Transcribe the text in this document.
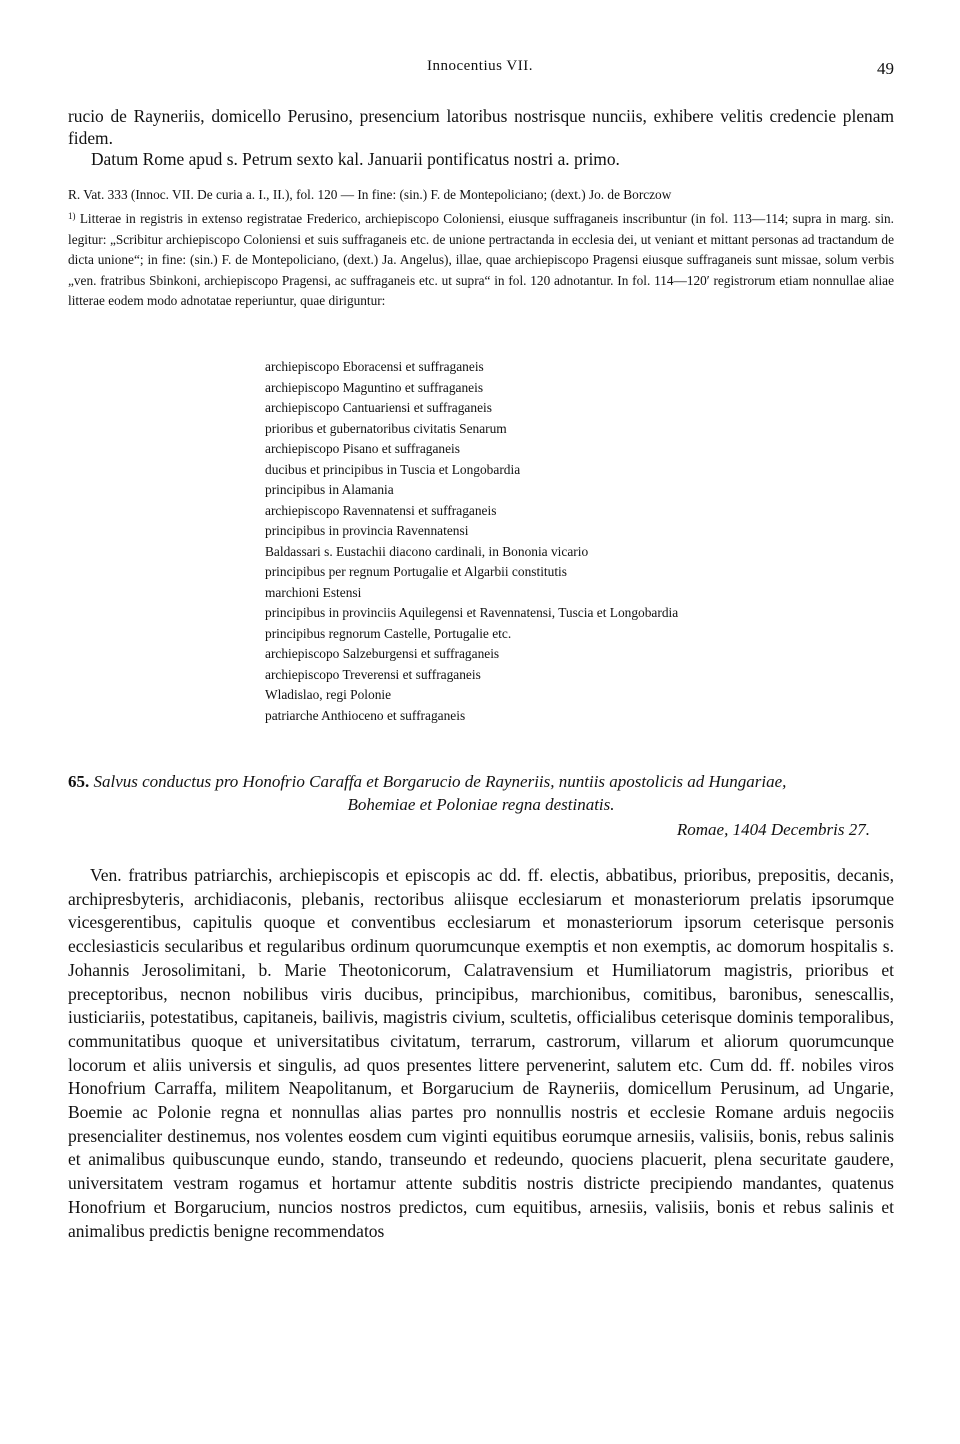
Innocentius VII.	49

rucio de Rayneriis, domicello Perusino, presencium latoribus nostrisque nunciis, exhibere velitis credencie plenam fidem.

Datum Rome apud s. Petrum sexto kal. Januarii pontificatus nostri a. primo.

R. Vat. 333 (Innoc. VII. De curia a. I., II.), fol. 120 — In fine: (sin.) F. de Montepoliciano; (dext.) Jo. de Borczow

$^{1)}$ Litterae in registris in extenso registratae Frederico, archiepiscopo Coloniensi, eiusque suffraganeis inscribuntur (in fol. 113—114; supra in marg. sin. legitur: „Scribitur archiepiscopo Coloniensi et suis suffraganeis etc. de unione pertractanda in ecclesia dei, ut veniant et mittant personas ad tractandum de dicta unione“; in fine: (sin.) F. de Montepoliciano, (dext.) Ja. Angelus), illae, quae archiepiscopo Pragensi eiusque suffraganeis sunt missae, solum verbis „ven. fratribus Sbinkoni, archiepiscopo Pragensi, ac suffraganeis etc. ut supra“ in fol. 120 adnotantur. In fol. 114—120′ registrorum etiam nonnullae aliae litterae eodem modo adnotatae reperiuntur, quae diriguntur:

archiepiscopo Eboracensi et suffraganeis
archiepiscopo Maguntino et suffraganeis
archiepiscopo Cantuariensi et suffraganeis
prioribus et gubernatoribus civitatis Senarum
archiepiscopo Pisano et suffraganeis
ducibus et principibus in Tuscia et Longobardia
principibus in Alamania
archiepiscopo Ravennatensi et suffraganeis
principibus in provincia Ravennatensi
Baldassari s. Eustachii diacono cardinali, in Bononia vicario
principibus per regnum Portugalie et Algarbii constitutis
marchioni Estensi
principibus in provinciis Aquilegensi et Ravennatensi, Tuscia et Longobardia
principibus regnorum Castelle, Portugalie etc.
archiepiscopo Salzeburgensi et suffraganeis
archiepiscopo Treverensi et suffraganeis
Wladislao, regi Polonie
patriarche Anthioceno et suffraganeis
65. Salvus conductus pro Honofrio Caraffa et Borgarucio de Rayneriis, nuntiis apostolicis ad Hungariae,
Bohemiae et Poloniae regna destinatis.
Romae, 1404 Decembris 27.

Ven. fratribus patriarchis, archiepiscopis et episcopis ac dd. ff. electis, abbatibus, prioribus, prepositis, decanis, archipresbyteris, archidiaconis, plebanis, rectoribus aliisque ecclesiarum et monasteriorum prelatis ipsorumque vicesgerentibus, capitulis quoque et conventibus ecclesiarum et monasteriorum ipsorum ceterisque personis ecclesiasticis secularibus et regularibus ordinum quorumcunque exemptis et non exemptis, ac domorum hospitalis s. Johannis Jerosolimitani, b. Marie Theotonicorum, Calatravensium et Humiliatorum magistris, prioribus et preceptoribus, necnon nobilibus viris ducibus, principibus, marchionibus, comitibus, baronibus, senescallis, iusticiariis, potestatibus, capitaneis, bailivis, magistris civium, scultetis, officialibus ceterisque dominis temporalibus, communitatibus quoque et universitatibus civitatum, terrarum, castrorum, villarum et aliorum quorumcunque locorum et aliis universis et singulis, ad quos presentes littere pervenerint, salutem etc. Cum dd. ff. nobiles viros Honofrium Carraffa, militem Neapolitanum, et Borgarucium de Rayneriis, domicellum Perusinum, ad Ungarie, Boemie ac Polonie regna et nonnullas alias partes pro nonnullis nostris et ecclesie Romane arduis negociis presencialiter destinemus, nos volentes eosdem cum viginti equitibus eorumque arnesiis, valisiis, bonis, rebus salinis et animalibus quibuscunque eundo, stando, transeundo et redeundo, quociens placuerit, plena securitate gaudere, universitatem vestram rogamus et hortamur attente subditis nostris districte precipiendo mandantes, quatenus Honofrium et Borgarucium, nuncios nostros predictos, cum equitibus, arnesiis, valisiis, bonis et rebus salinis et animalibus predictis benigne recommendatos
